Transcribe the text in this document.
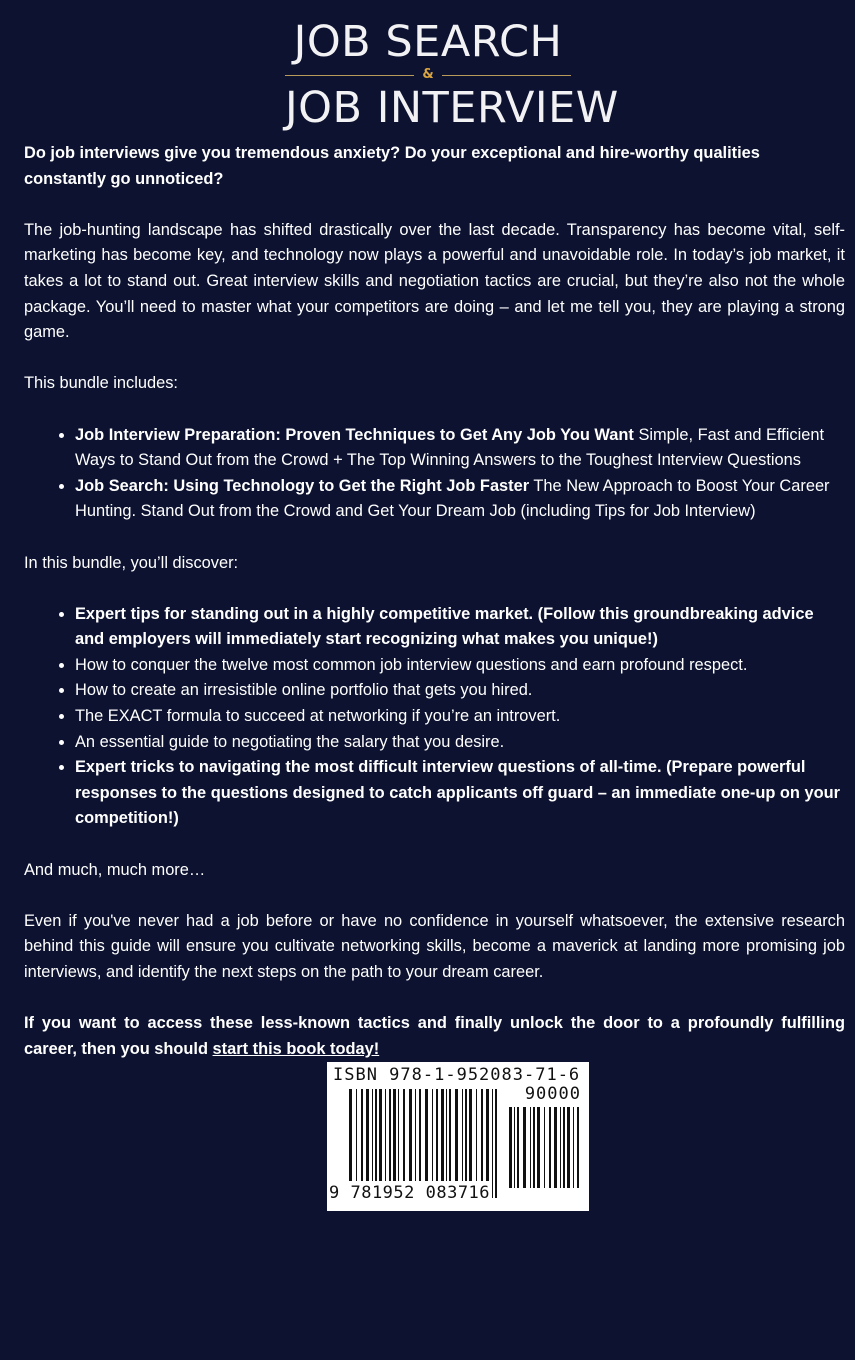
JOB SEARCH
&
JOB INTERVIEW

Do job interviews give you tremendous anxiety? Do your exceptional and hire-worthy qualities constantly go unnoticed?

The job-hunting landscape has shifted drastically over the last decade. Transparency has become vital, self-marketing has become key, and technology now plays a powerful and unavoidable role. In today’s job market, it takes a lot to stand out. Great interview skills and negotiation tactics are crucial, but they’re also not the whole package. You’ll need to master what your competitors are doing – and let me tell you, they are playing a strong game.

This bundle includes:

• Job Interview Preparation: Proven Techniques to Get Any Job You Want Simple, Fast and Efficient Ways to Stand Out from the Crowd + The Top Winning Answers to the Toughest Interview Questions
• Job Search: Using Technology to Get the Right Job Faster The New Approach to Boost Your Career Hunting. Stand Out from the Crowd and Get Your Dream Job (including Tips for Job Interview)

In this bundle, you’ll discover:

• Expert tips for standing out in a highly competitive market. (Follow this groundbreaking advice and employers will immediately start recognizing what makes you unique!)
• How to conquer the twelve most common job interview questions and earn profound respect.
• How to create an irresistible online portfolio that gets you hired.
• The EXACT formula to succeed at networking if you’re an introvert.
• An essential guide to negotiating the salary that you desire.
• Expert tricks to navigating the most difficult interview questions of all-time. (Prepare powerful responses to the questions designed to catch applicants off guard – an immediate one-up on your competition!)

And much, much more…

Even if you've never had a job before or have no confidence in yourself whatsoever, the extensive research behind this guide will ensure you cultivate networking skills, become a maverick at landing more promising job interviews, and identify the next steps on the path to your dream career.

If you want to access these less-known tactics and finally unlock the door to a profoundly fulfilling career, then you should start this book today!

ISBN 978-1-952083-71-6
90000
9 781952 083716
